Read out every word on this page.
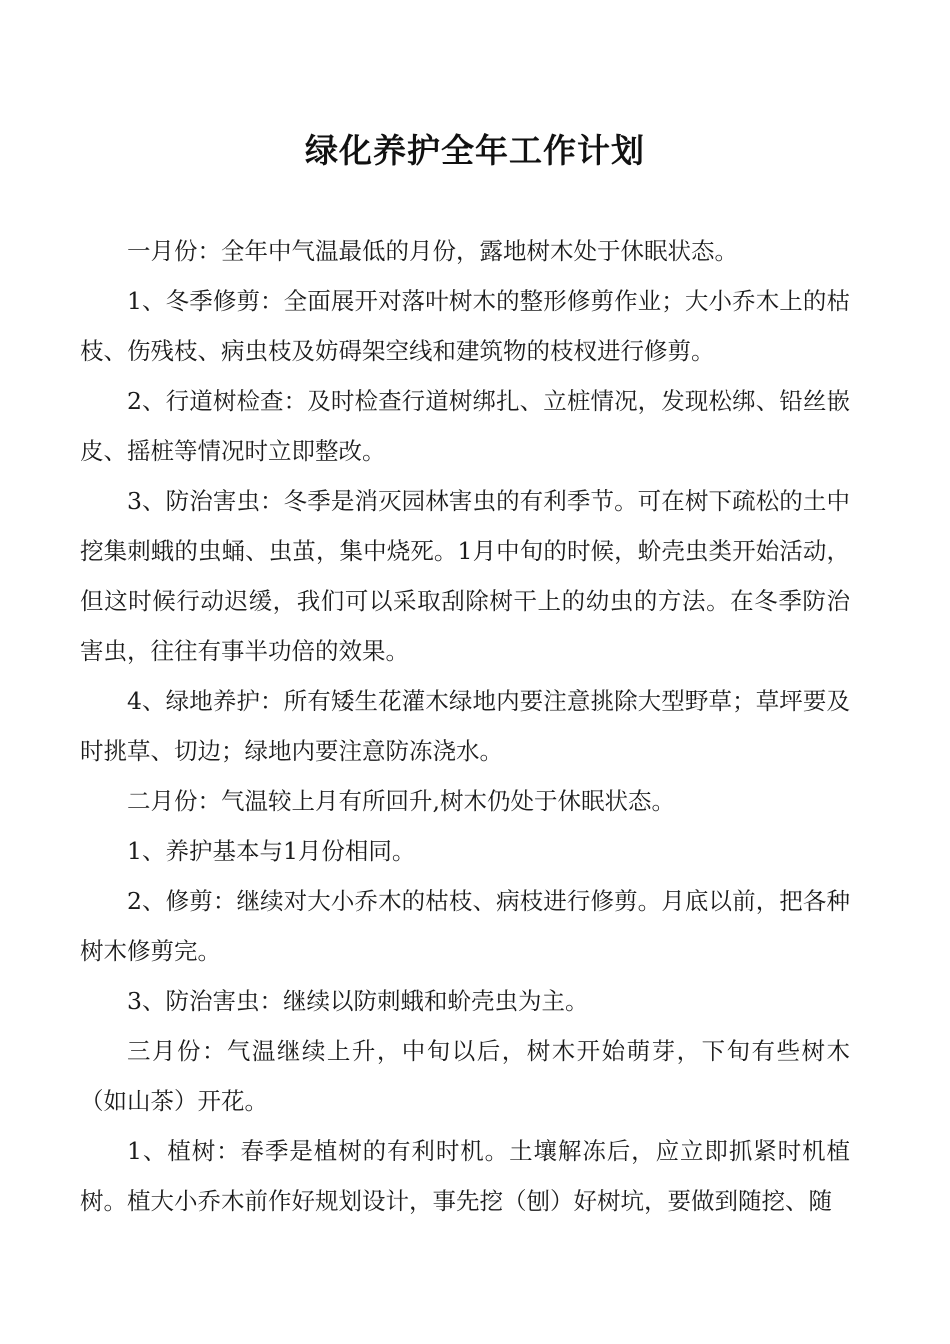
绿化养护全年工作计划

一月份：全年中气温最低的月份，露地树木处于休眠状态。

1、冬季修剪：全面展开对落叶树木的整形修剪作业；大小乔木上的枯枝、伤残枝、病虫枝及妨碍架空线和建筑物的枝杈进行修剪。

2、行道树检查：及时检查行道树绑扎、立桩情况，发现松绑、铅丝嵌皮、摇桩等情况时立即整改。

3、防治害虫：冬季是消灭园林害虫的有利季节。可在树下疏松的土中挖集刺蛾的虫蛹、虫茧，集中烧死。1月中旬的时候，蚧壳虫类开始活动，但这时候行动迟缓，我们可以采取刮除树干上的幼虫的方法。在冬季防治害虫，往往有事半功倍的效果。

4、绿地养护：所有矮生花灌木绿地内要注意挑除大型野草；草坪要及时挑草、切边；绿地内要注意防冻浇水。

二月份：气温较上月有所回升,树木仍处于休眠状态。

1、养护基本与1月份相同。

2、修剪：继续对大小乔木的枯枝、病枝进行修剪。月底以前，把各种树木修剪完。

3、防治害虫：继续以防刺蛾和蚧壳虫为主。

三月份：气温继续上升，中旬以后，树木开始萌芽，下旬有些树木（如山茶）开花。

1、植树：春季是植树的有利时机。土壤解冻后，应立即抓紧时机植树。植大小乔木前作好规划设计，事先挖（刨）好树坑，要做到随挖、随
